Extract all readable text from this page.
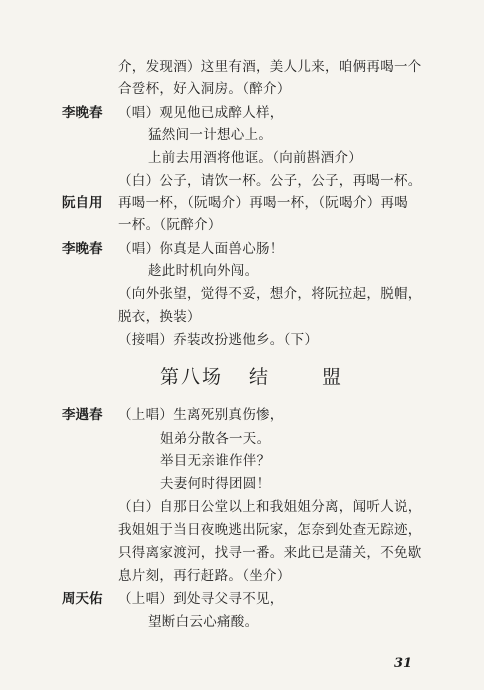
介，发现酒）这里有酒，美人儿来，咱俩再喝一个
合卺杯，好入洞房。（醉介）
李晚春 （唱）观见他已成醉人样，
猛然间一计想心上。
上前去用酒将他诓。（向前斟酒介）
（白）公子，请饮一杯。公子，公子，再喝一杯。
阮自用 再喝一杯，（阮喝介）再喝一杯，（阮喝介）再喝
一杯。（阮醉介）
李晚春 （唱）你真是人面兽心肠！
趁此时机向外闯。
（向外张望，觉得不妥，想介，将阮拉起，脱帽，
脱衣，换装）
（接唱）乔装改扮逃他乡。（下）
第八场 结	盟
李遇春 （上唱）生离死别真伤惨，
姐弟分散各一天。
举目无亲谁作伴？
夫妻何时得团圆！
（白）自那日公堂以上和我姐姐分离，闻听人说，
我姐姐于当日夜晚逃出阮家，怎奈到处查无踪迹，
只得离家渡河，找寻一番。来此已是蒲关，不免歇
息片刻，再行赶路。（坐介）
周天佑 （上唱）到处寻父寻不见，
望断白云心痛酸。
31
